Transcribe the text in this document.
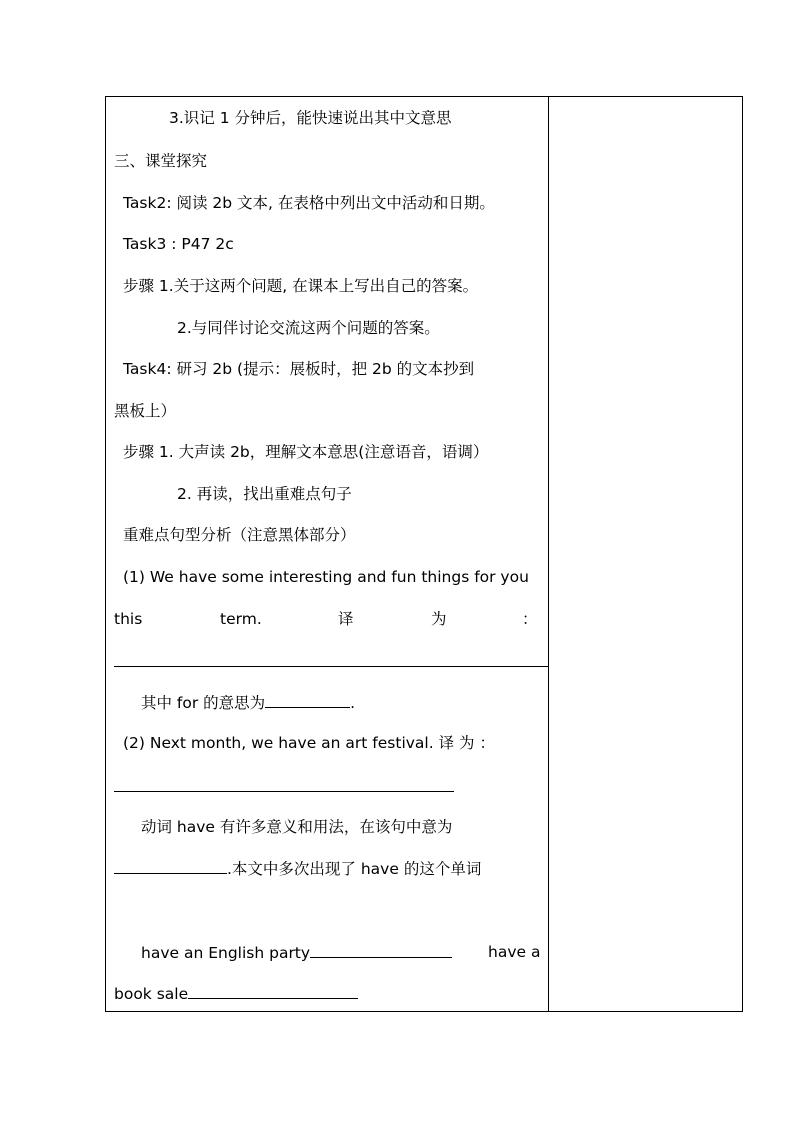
3.识记 1 分钟后，能快速说出其中文意思
三、课堂探究
Task2: 阅读 2b 文本, 在表格中列出文中活动和日期。
Task3 : P47 2c
步骤 1.关于这两个问题, 在课本上写出自己的答案。
2.与同伴讨论交流这两个问题的答案。
Task4: 研习 2b (提示：展板时，把 2b 的文本抄到
黑板上）
步骤 1. 大声读 2b，理解文本意思(注意语音，语调）
2. 再读，找出重难点句子
重难点句型分析（注意黑体部分）
(1) We have some interesting and fun things for you
this	term.	译	为	：
其中 for 的意思为	.
(2) Next month, we have an art festival. 译 为 ：
动词 have 有许多意义和用法，在该句中意为
.本文中多次出现了 have 的这个单词
have an English party	have a
book sale
